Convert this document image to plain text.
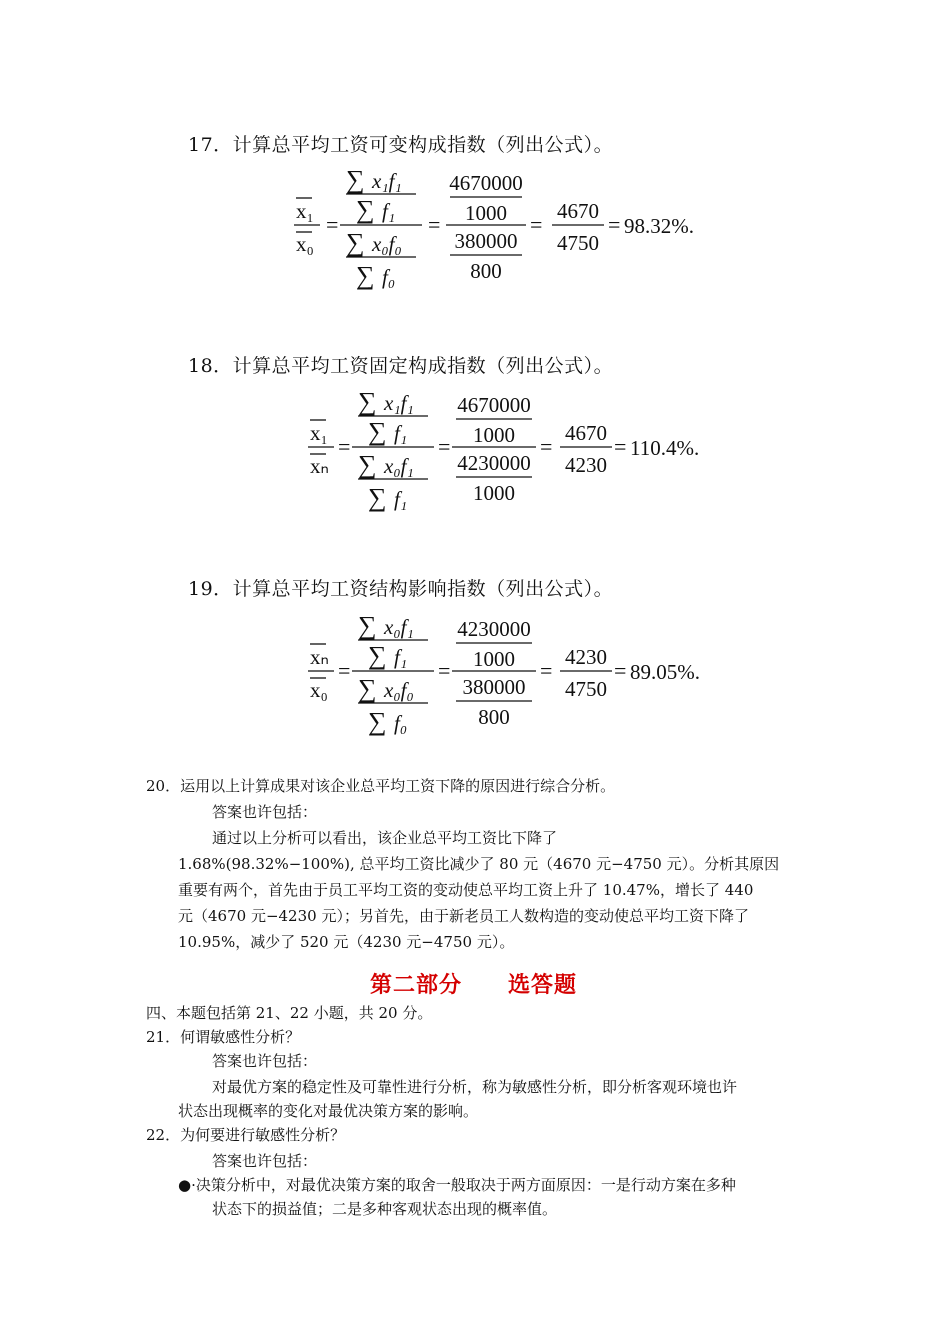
17．计算总平均工资可变构成指数（列出公式）。
x₁
x₀
=
∑ x₁f₁
∑ f₁
∑ x₀f₀
∑ f₀
=
4670000
1000
380000
800
=
4670
4750
= 98.32%.
18．计算总平均工资固定构成指数（列出公式）。
x₁
xₙ
=
∑ x₁f₁
∑ f₁
∑ x₀f₁
∑ f₁
=
4670000
1000
4230000
1000
=
4670
4230
= 110.4%.
19．计算总平均工资结构影响指数（列出公式）。
xₙ
x₀
=
∑ x₀f₁
∑ f₁
∑ x₀f₀
∑ f₀
=
4230000
1000
380000
800
=
4230
4750
= 89.05%.
20．运用以上计算成果对该企业总平均工资下降的原因进行综合分析。
答案也许包括：
通过以上分析可以看出，该企业总平均工资比下降了
1.68%(98.32%−100%), 总平均工资比减少了 80 元（4670 元−4750 元）。分析其原因
重要有两个，首先由于员工平均工资的变动使总平均工资上升了 10.47%，增长了 440
元（4670 元−4230 元）；另首先，由于新老员工人数构造的变动使总平均工资下降了
10.95%，减少了 520 元（4230 元−4750 元）。
第二部分　　选答题
四、本题包括第 21、22 小题，共 20 分。
21．何谓敏感性分析？
答案也许包括：
对最优方案的稳定性及可靠性进行分析，称为敏感性分析，即分析客观环境也许
状态出现概率的变化对最优决策方案的影响。
22．为何要进行敏感性分析？
答案也许包括：
●·决策分析中，对最优决策方案的取舍一般取决于两方面原因：一是行动方案在多种
状态下的损益值；二是多种客观状态出现的概率值。
